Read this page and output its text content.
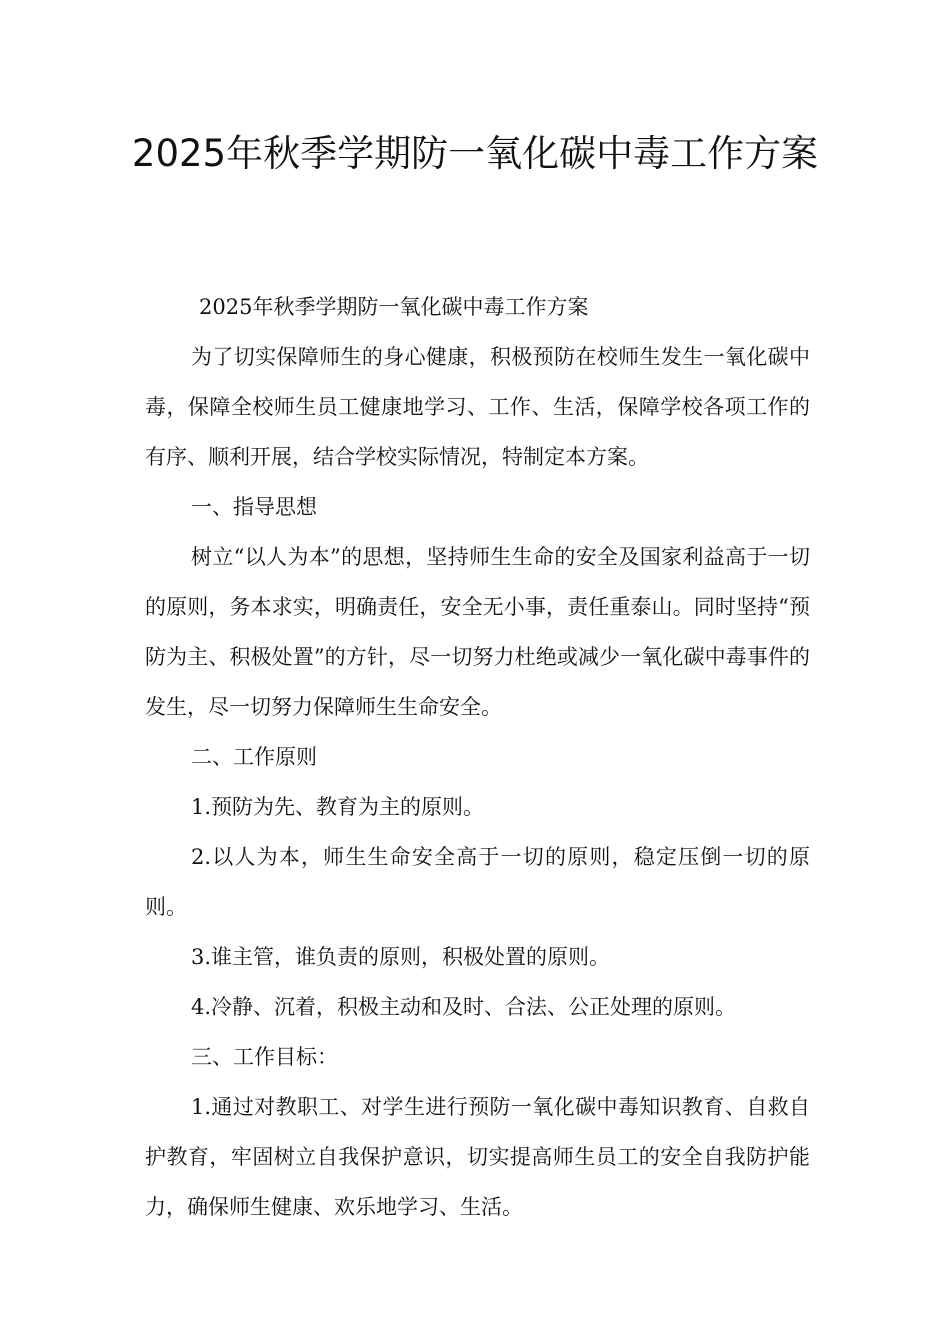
2025年秋季学期防一氧化碳中毒工作方案

2025年秋季学期防一氧化碳中毒工作方案

为了切实保障师生的身心健康，积极预防在校师生发生一氧化碳中毒，保障全校师生员工健康地学习、工作、生活，保障学校各项工作的有序、顺利开展，结合学校实际情况，特制定本方案。

一、指导思想

树立“以人为本”的思想，坚持师生生命的安全及国家利益高于一切的原则，务本求实，明确责任，安全无小事，责任重泰山。同时坚持“预防为主、积极处置”的方针，尽一切努力杜绝或减少一氧化碳中毒事件的发生，尽一切努力保障师生生命安全。

二、工作原则

1.预防为先、教育为主的原则。

2.以人为本，师生生命安全高于一切的原则，稳定压倒一切的原则。

3.谁主管，谁负责的原则，积极处置的原则。

4.冷静、沉着，积极主动和及时、合法、公正处理的原则。

三、工作目标：

1.通过对教职工、对学生进行预防一氧化碳中毒知识教育、自救自护教育，牢固树立自我保护意识，切实提高师生员工的安全自我防护能力，确保师生健康、欢乐地学习、生活。
